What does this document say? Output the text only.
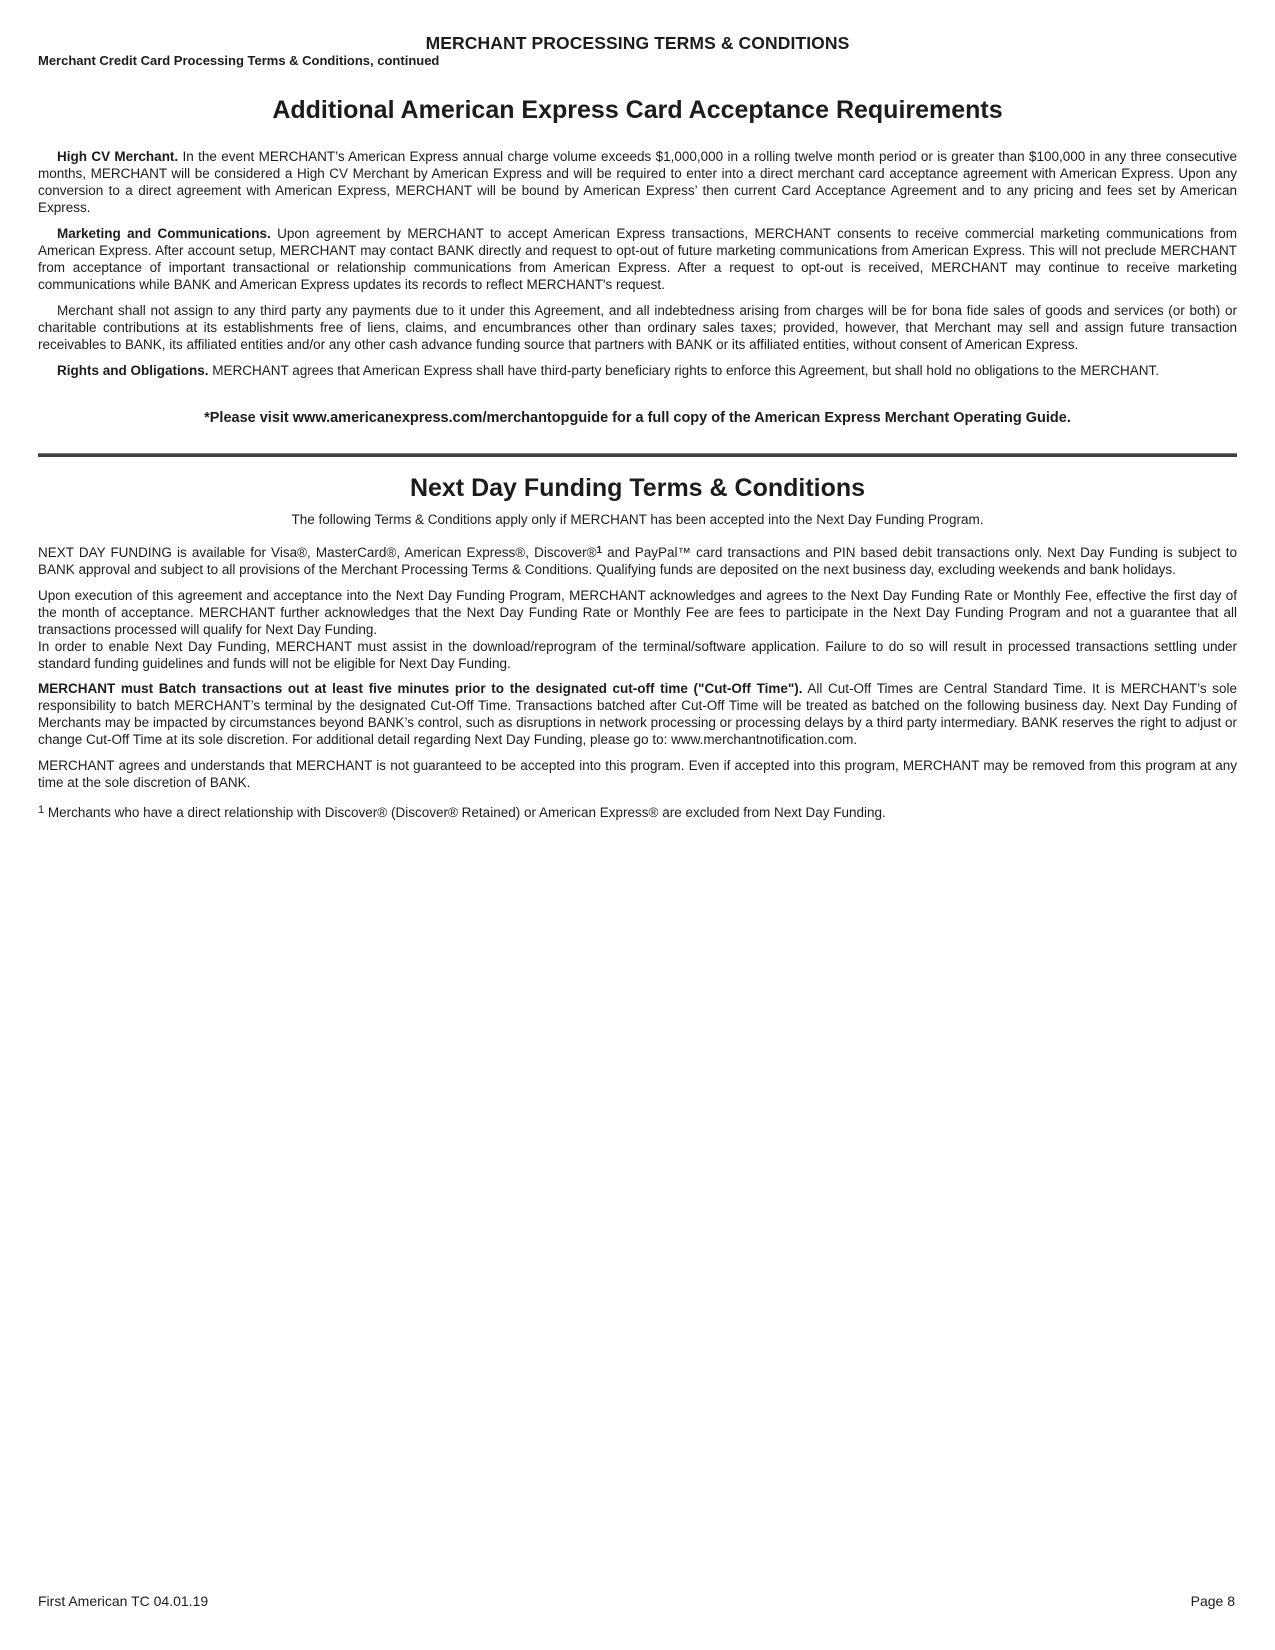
MERCHANT PROCESSING TERMS & CONDITIONS
Merchant Credit Card Processing Terms & Conditions, continued
Additional American Express Card Acceptance Requirements

High CV Merchant. In the event MERCHANT’s American Express annual charge volume exceeds $1,000,000 in a rolling twelve month period or is greater than $100,000 in any three consecutive months, MERCHANT will be considered a High CV Merchant by American Express and will be required to enter into a direct merchant card acceptance agreement with American Express. Upon any conversion to a direct agreement with American Express, MERCHANT will be bound by American Express’ then current Card Acceptance Agreement and to any pricing and fees set by American Express.

Marketing and Communications. Upon agreement by MERCHANT to accept American Express transactions, MERCHANT consents to receive commercial marketing communications from American Express. After account setup, MERCHANT may contact BANK directly and request to opt-out of future marketing communications from American Express. This will not preclude MERCHANT from acceptance of important transactional or relationship communications from American Express. After a request to opt-out is received, MERCHANT may continue to receive marketing communications while BANK and American Express updates its records to reflect MERCHANT's request.

Merchant shall not assign to any third party any payments due to it under this Agreement, and all indebtedness arising from charges will be for bona fide sales of goods and services (or both) or charitable contributions at its establishments free of liens, claims, and encumbrances other than ordinary sales taxes; provided, however, that Merchant may sell and assign future transaction receivables to BANK, its affiliated entities and/or any other cash advance funding source that partners with BANK or its affiliated entities, without consent of American Express.

Rights and Obligations. MERCHANT agrees that American Express shall have third-party beneficiary rights to enforce this Agreement, but shall hold no obligations to the MERCHANT.

*Please visit www.americanexpress.com/merchantopguide for a full copy of the American Express Merchant Operating Guide.
Next Day Funding Terms & Conditions
The following Terms & Conditions apply only if MERCHANT has been accepted into the Next Day Funding Program.

NEXT DAY FUNDING is available for Visa®, MasterCard®, American Express®, Discover®$^1$ and PayPal™ card transactions and PIN based debit transactions only. Next Day Funding is subject to BANK approval and subject to all provisions of the Merchant Processing Terms & Conditions. Qualifying funds are deposited on the next business day, excluding weekends and bank holidays.

Upon execution of this agreement and acceptance into the Next Day Funding Program, MERCHANT acknowledges and agrees to the Next Day Funding Rate or Monthly Fee, effective the first day of the month of acceptance. MERCHANT further acknowledges that the Next Day Funding Rate or Monthly Fee are fees to participate in the Next Day Funding Program and not a guarantee that all transactions processed will qualify for Next Day Funding.

In order to enable Next Day Funding, MERCHANT must assist in the download/reprogram of the terminal/software application. Failure to do so will result in processed transactions settling under standard funding guidelines and funds will not be eligible for Next Day Funding.

MERCHANT must Batch transactions out at least five minutes prior to the designated cut-off time ("Cut-Off Time"). All Cut-Off Times are Central Standard Time. It is MERCHANT’s sole responsibility to batch MERCHANT’s terminal by the designated Cut-Off Time. Transactions batched after Cut-Off Time will be treated as batched on the following business day. Next Day Funding of Merchants may be impacted by circumstances beyond BANK’s control, such as disruptions in network processing or processing delays by a third party intermediary. BANK reserves the right to adjust or change Cut-Off Time at its sole discretion. For additional detail regarding Next Day Funding, please go to: www.merchantnotification.com.

MERCHANT agrees and understands that MERCHANT is not guaranteed to be accepted into this program. Even if accepted into this program, MERCHANT may be removed from this program at any time at the sole discretion of BANK.

$^1$ Merchants who have a direct relationship with Discover® (Discover® Retained) or American Express® are excluded from Next Day Funding.

First American TC 04.01.19	Page 8
